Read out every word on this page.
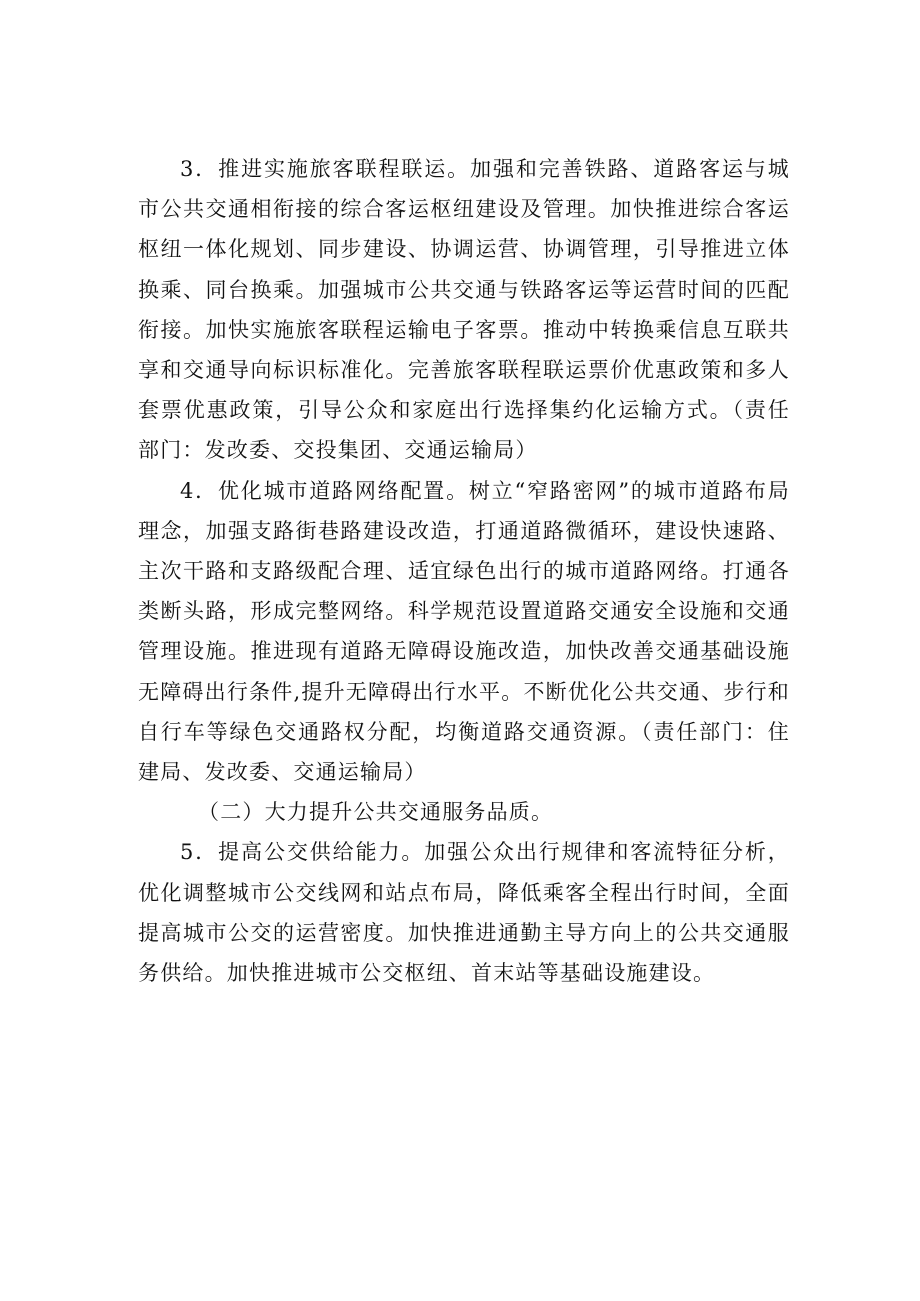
3．推进实施旅客联程联运。加强和完善铁路、道路客运与城市公共交通相衔接的综合客运枢纽建设及管理。加快推进综合客运枢纽一体化规划、同步建设、协调运营、协调管理，引导推进立体换乘、同台换乘。加强城市公共交通与铁路客运等运营时间的匹配衔接。加快实施旅客联程运输电子客票。推动中转换乘信息互联共享和交通导向标识标准化。完善旅客联程联运票价优惠政策和多人套票优惠政策，引导公众和家庭出行选择集约化运输方式。（责任部门：发改委、交投集团、交通运输局）

4．优化城市道路网络配置。树立“窄路密网”的城市道路布局理念，加强支路街巷路建设改造，打通道路微循环，建设快速路、主次干路和支路级配合理、适宜绿色出行的城市道路网络。打通各类断头路，形成完整网络。科学规范设置道路交通安全设施和交通管理设施。推进现有道路无障碍设施改造，加快改善交通基础设施无障碍出行条件,提升无障碍出行水平。不断优化公共交通、步行和自行车等绿色交通路权分配，均衡道路交通资源。（责任部门：住建局、发改委、交通运输局）

（二）大力提升公共交通服务品质。

5．提高公交供给能力。加强公众出行规律和客流特征分析，优化调整城市公交线网和站点布局，降低乘客全程出行时间，全面提高城市公交的运营密度。加快推进通勤主导方向上的公共交通服务供给。加快推进城市公交枢纽、首末站等基础设施建设。
